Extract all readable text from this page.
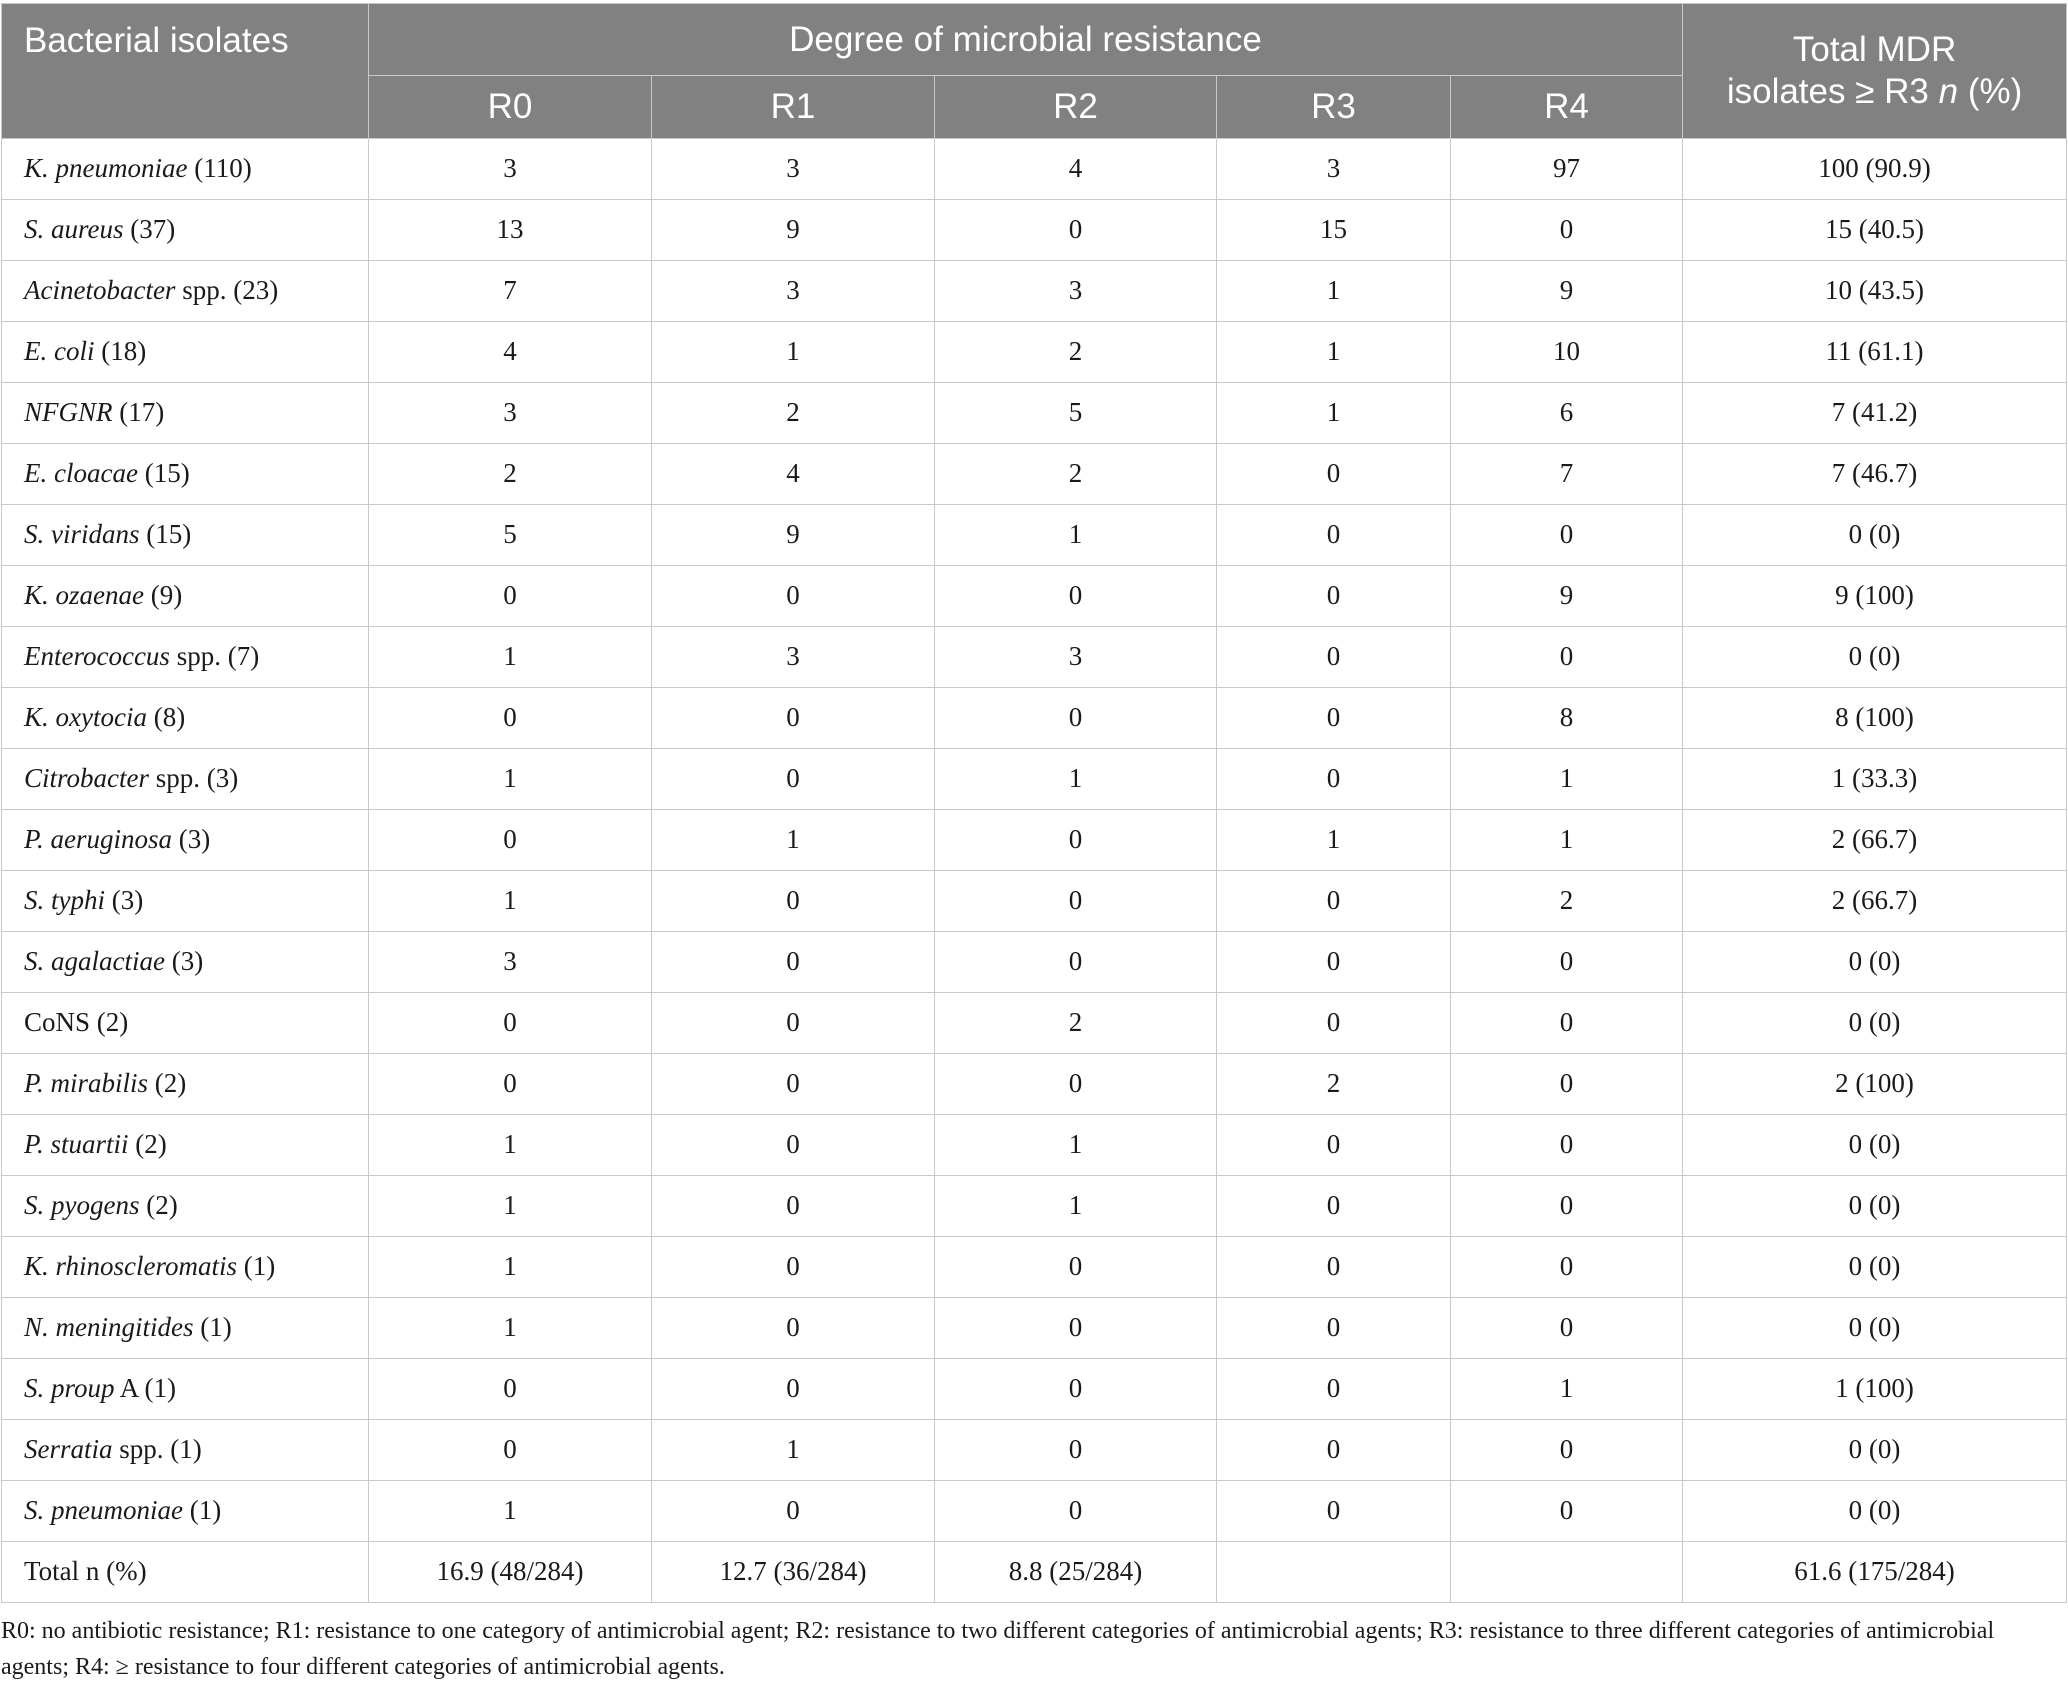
Bacterial isolates	Degree of microbial resistance					Total MDR
isolates ≥ R3 n (%)
	R0	R1	R2	R3	R4	
K. pneumoniae (110)	3	3	4	3	97	100 (90.9)
S. aureus (37)	13	9	0	15	0	15 (40.5)
Acinetobacter spp. (23)	7	3	3	1	9	10 (43.5)
E. coli (18)	4	1	2	1	10	11 (61.1)
NFGNR (17)	3	2	5	1	6	7 (41.2)
E. cloacae (15)	2	4	2	0	7	7 (46.7)
S. viridans (15)	5	9	1	0	0	0 (0)
K. ozaenae (9)	0	0	0	0	9	9 (100)
Enterococcus spp. (7)	1	3	3	0	0	0 (0)
K. oxytocia (8)	0	0	0	0	8	8 (100)
Citrobacter spp. (3)	1	0	1	0	1	1 (33.3)
P. aeruginosa (3)	0	1	0	1	1	2 (66.7)
S. typhi (3)	1	0	0	0	2	2 (66.7)
S. agalactiae (3)	3	0	0	0	0	0 (0)
CoNS (2)	0	0	2	0	0	0 (0)
P. mirabilis (2)	0	0	0	2	0	2 (100)
P. stuartii (2)	1	0	1	0	0	0 (0)
S. pyogens (2)	1	0	1	0	0	0 (0)
K. rhinoscleromatis (1)	1	0	0	0	0	0 (0)
N. meningitides (1)	1	0	0	0	0	0 (0)
S. proup A (1)	0	0	0	0	1	1 (100)
Serratia spp. (1)	0	1	0	0	0	0 (0)
S. pneumoniae (1)	1	0	0	0	0	0 (0)
Total n (%)	16.9 (48/284)	12.7 (36/284)	8.8 (25/284)			61.6 (175/284)
R0: no antibiotic resistance; R1: resistance to one category of antimicrobial agent; R2: resistance to two different categories of antimicrobial agents; R3: resistance to three different categories of antimicrobial agents; R4: ≥ resistance to four different categories of antimicrobial agents.
